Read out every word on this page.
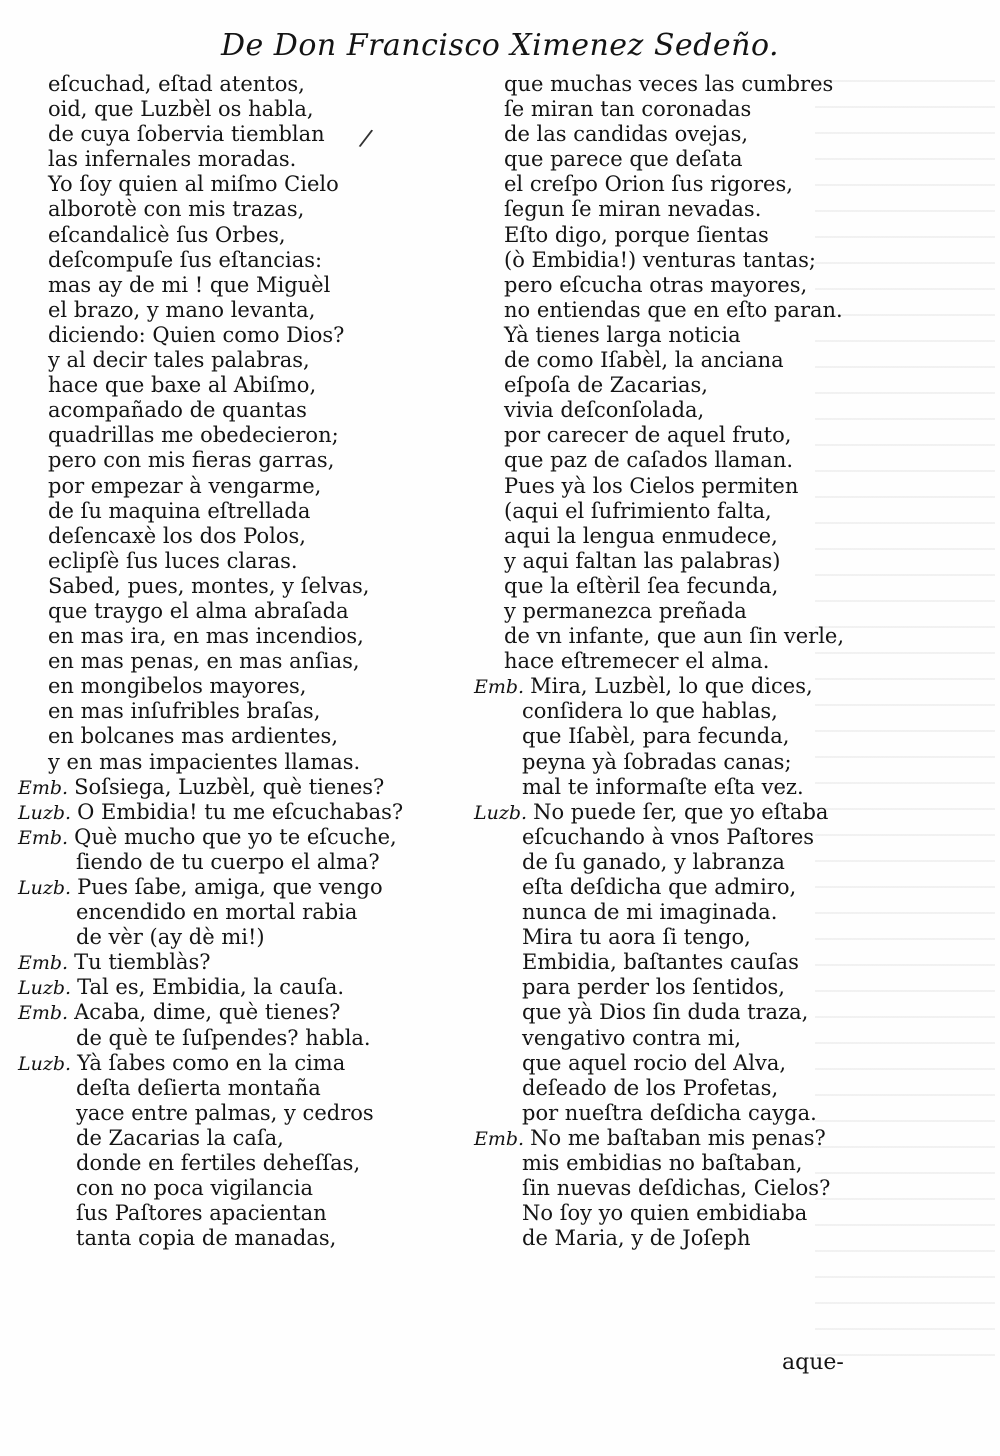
De Don Francisco Ximenez Sedeño.
eſcuchad, eſtad atentos,
oid, que Luzbèl os habla,
de cuya ſobervia tiemblan
las infernales moradas.
Yo ſoy quien al miſmo Cielo
alborotè con mis trazas,
eſcandalicè ſus Orbes,
deſcompuſe ſus eſtancias:
mas ay de mi ! que Miguèl
el brazo, y mano levanta,
diciendo: Quien como Dios?
y al decir tales palabras,
hace que baxe al Abiſmo,
acompañado de quantas
quadrillas me obedecieron;
pero con mis fieras garras,
por empezar à vengarme,
de ſu maquina eſtrellada
deſencaxè los dos Polos,
eclipſè ſus luces claras.
Sabed, pues, montes, y ſelvas,
que traygo el alma abraſada
en mas ira, en mas incendios,
en mas penas, en mas anſias,
en mongibelos mayores,
en mas inſufribles braſas,
en bolcanes mas ardientes,
y en mas impacientes llamas.
Emb. Soſsiega, Luzbèl, què tienes?
Luzb. O Embidia! tu me eſcuchabas?
Emb. Què mucho que yo te eſcuche,
ſiendo de tu cuerpo el alma?
Luzb. Pues ſabe, amiga, que vengo
encendido en mortal rabia
de vèr (ay dè mi!)
Emb. Tu tiemblàs?
Luzb. Tal es, Embidia, la cauſa.
Emb. Acaba, dime, què tienes?
de què te ſuſpendes? habla.
Luzb. Yà ſabes como en la cima
deſta deſierta montaña
yace entre palmas, y cedros
de Zacarias la caſa,
donde en fertiles deheſſas,
con no poca vigilancia
ſus Paſtores apacientan
tanta copia de manadas,
que muchas veces las cumbres
ſe miran tan coronadas
de las candidas ovejas,
que parece que deſata
el creſpo Orion ſus rigores,
ſegun ſe miran nevadas.
Eſto digo, porque ſientas
(ò Embidia!) venturas tantas;
pero eſcucha otras mayores,
no entiendas que en eſto paran.
Yà tienes larga noticia
de como Iſabèl, la anciana
eſpoſa de Zacarias,
vivia deſconſolada,
por carecer de aquel fruto,
que paz de caſados llaman.
Pues yà los Cielos permiten
(aqui el ſufrimiento falta,
aqui la lengua enmudece,
y aqui faltan las palabras)
que la eſtèril ſea fecunda,
y permanezca preñada
de vn infante, que aun ſin verle,
hace eſtremecer el alma.
Emb. Mira, Luzbèl, lo que dices,
conſidera lo que hablas,
que Iſabèl, para fecunda,
peyna yà ſobradas canas;
mal te informaſte eſta vez.
Luzb. No puede ſer, que yo eſtaba
eſcuchando à vnos Paſtores
de ſu ganado, y labranza
eſta deſdicha que admiro,
nunca de mi imaginada.
Mira tu aora ſi tengo,
Embidia, baſtantes cauſas
para perder los ſentidos,
que yà Dios ſin duda traza,
vengativo contra mi,
que aquel rocio del Alva,
deſeado de los Profetas,
por nueſtra deſdicha cayga.
Emb. No me baſtaban mis penas?
mis embidias no baſtaban,
ſin nuevas deſdichas, Cielos?
No ſoy yo quien embidiaba
de Maria, y de Joſeph
aque-
/
